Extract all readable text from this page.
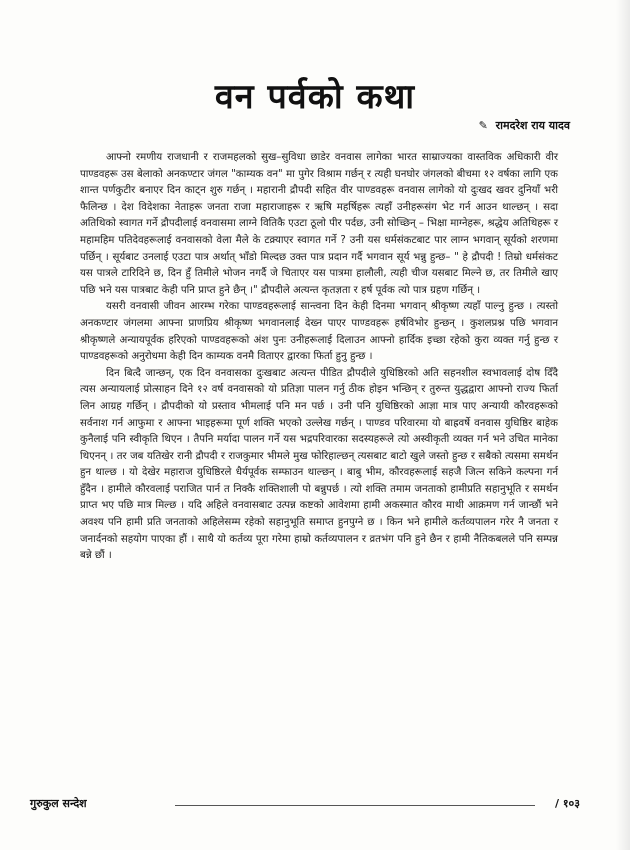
वन पर्वको कथा
✎ रामदरेश राय यादव

आफ्नो रमणीय राजधानी र राजमहलको सुख–सुविधा छाडेर वनवास लागेका भारत साम्राज्यका वास्तविक अधिकारी वीर पाण्डवहरू उस बेलाको अनकण्टार जंगल "काम्यक वन" मा पुगेर विश्राम गर्छन् र त्यही घनघोर जंगलको बीचमा १२ वर्षका लागि एक शान्त पर्णकुटीर बनाएर दिन काट्न शुरु गर्छन् । महारानी द्रौपदी सहित वीर पाण्डवहरू वनवास लागेको यो दुःखद खवर दुनियाँ भरी फैलिन्छ । देश विदेशका नेताहरू जनता राजा महाराजाहरू र ऋषि महर्षिहरू त्यहाँ उनीहरूसंग भेट गर्न आउन थाल्छन् । सदा अतिथिको स्वागत गर्ने द्रौपदीलाई वनवासमा लाग्ने वितिकै एउटा ठूलो पीर पर्दछ, उनी सोच्छिन् – भिक्षा माग्नेहरू, श्रद्धेय अतिथिहरू र महामहिम पतिदेवहरूलाई वनवासको वेला मैले के टक्र्याएर स्वागत गर्ने ? उनी यस धर्मसंकटबाट पार लाग्न भगवान् सूर्यको शरणमा पर्छिन् । सूर्यबाट उनलाई एउटा पात्र अर्थात् भाँडो मिल्दछ उक्त पात्र प्रदान गर्दै भगवान सूर्य भन्नु हुन्छ– " हे द्रौपदी ! तिम्रो धर्मसंकट यस पात्रले टारिदिने छ, दिन हुँ तिमीले भोजन नगर्दै जे चिताएर यस पात्रमा हालौली, त्यही चीज यसबाट मिल्ने छ, तर तिमीले खाए पछि भने यस पात्रबाट केही पनि प्राप्त हुने छैन् ।" द्रौपदीले अत्यन्त कृतज्ञता र हर्ष पूर्वक त्यो पात्र ग्रहण गर्छिन् ।

यसरी वनवासी जीवन आरम्भ गरेका पाण्डवहरूलाई सान्त्वना दिन केही दिनमा भगवान् श्रीकृष्ण त्यहाँ पाल्नु हुन्छ । त्यस्तो अनकण्टार जंगलमा आफ्ना प्राणप्रिय श्रीकृष्ण भगवानलाई देख्न पाएर पाण्डवहरू हर्षविभोर हुन्छन् । कुशलप्रश्न पछि भगवान श्रीकृष्णले अन्यायपूर्वक हरिएको पाण्डवहरूको अंश पुनः उनीहरूलाई दिलाउन आफ्नो हार्दिक इच्छा रहेको कुरा व्यक्त गर्नु हुन्छ र पाण्डवहरूको अनुरोधमा केही दिन काम्यक वनमै विताएर द्वारका फिर्ता हुनु हुन्छ ।

दिन बित्दै जान्छन्, एक दिन वनवासका दुःखबाट अत्यन्त पीडित द्रौपदीले युधिष्ठिरको अति सहनशील स्वभावलाई दोष दिँदै त्यस अन्यायलाई प्रोत्साहन दिने १२ वर्ष वनवासको यो प्रतिज्ञा पालन गर्नु ठीक होइन भन्छिन् र तुरुन्त युद्धद्वारा आफ्नो राज्य फिर्ता लिन आग्रह गर्छिन् । द्रौपदीको यो प्रस्ताव भीमलाई पनि मन पर्छ । उनी पनि युधिष्ठिरको आज्ञा मात्र पाए अन्यायी कौरवहरूको सर्वनाश गर्न आफुमा र आफ्ना भाइहरूमा पूर्ण शक्ति भएको उल्लेख गर्छन् । पाण्डव परिवारमा यो बाह्रवर्षे वनवास युधिष्ठिर बाहेक कुनैलाई पनि स्वीकृति थिएन । तैपनि मर्यादा पालन गर्ने यस भद्रपरिवारका सदस्यहरूले त्यो अस्वीकृती व्यक्त गर्न भने उचित मानेका थिएनन् । तर जब यतिखेर रानी द्रौपदी र राजकुमार भीमले मुख फोरिहाल्छन् त्यसबाट बाटो खुले जस्तो हुन्छ र सबैको त्यसमा समर्थन हुन थाल्छ । यो देखेर महाराज युधिष्ठिरले धैर्यपूर्वक सम्फाउन थाल्छन् । बाबु भीम, कौरवहरूलाई सहजै जित्न सकिने कल्पना गर्न हुँदैन । हामीले कौरवलाई पराजित पार्न त निक्कै शक्तिशाली पो बन्नुपर्छ । त्यो शक्ति तमाम जनताको हामीप्रति सहानुभूति र समर्थन प्राप्त भए पछि मात्र मिल्छ । यदि अहिले वनवासबाट उत्पन्न कष्टको आवेशमा हामी अकस्मात कौरव माथी आक्रमण गर्न जान्छौं भने अवश्य पनि हामी प्रति जनताको अहिलेसम्म रहेको सहानुभूति समाप्त हुनपुग्ने छ । किन भने हामीले कर्तव्यपालन गरेर नै जनता र जनार्दनको सहयोग पाएका हौं । साथै यो कर्तव्य पूरा गरेमा हाम्रो कर्तव्यपालन र व्रतभंग पनि हुने छैन र हामी नैतिकबलले पनि सम्पन्न बन्ने छौं ।

गुरुकुल सन्देश	/ १०३
